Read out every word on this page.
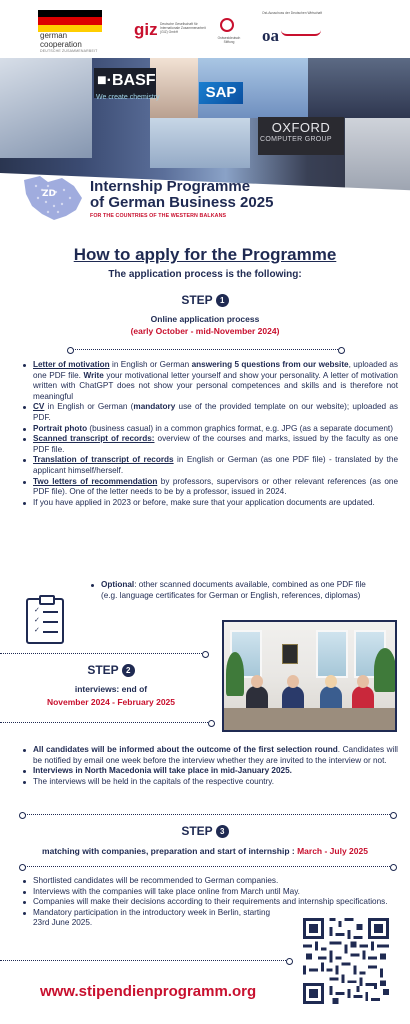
german
cooperation
DEUTSCHE ZUSAMMENARBEIT
giz Deutsche Gesellschaft für Internationale Zusammenarbeit (GIZ) GmbH
Ostwestdeutsch Stiftung
Ost-Ausschuss der Deutschen Wirtschaft
oa
■·BASF
We create chemistry	SAP
OXFORD
COMPUTER GROUP
ZD Internship Programme
of German Business 2025
FOR THE COUNTRIES OF THE WESTERN BALKANS
How to apply for the Programme
The application process is the following:
STEP 1
Online application process
(early October - mid-November 2024)
Letter of motivation in English or German answering 5 questions from our website, uploaded as one PDF file. Write your motivational letter yourself and show your personality. A letter of motivation written with ChatGPT does not show your personal competences and skills and is therefore not meaningful
CV in English or German (mandatory use of the provided template on our website); uploaded as PDF.
Portrait photo (business casual) in a common graphics format, e.g. JPG (as a separate document)
Scanned transcript of records: overview of the courses and marks, issued by the faculty as one PDF file.
Translation of transcript of records in English or German (as one PDF file) - translated by the applicant himself/herself.
Two letters of recommendation by professors, supervisors or other relevant references (as one PDF file). One of the letter needs to be by a professor, issued in 2024.
If you have applied in 2023 or before, make sure that your application documents are updated.
Optional: other scanned documents available, combined as one PDF file (e.g. language certificates for German or English, references, diplomas)
✓
✓
✓
STEP 2
interviews: end of
November 2024 - February 2025
All candidates will be informed about the outcome of the first selection round. Candidates will be notified by email one week before the interview whether they are invited to the interview or not.
Interviews in North Macedonia will take place in mid-January 2025.
The interviews will be held in the capitals of the respective country.
STEP 3
matching with companies, preparation and start of internship : March - July 2025
Shortlisted candidates will be recommended to German companies.
Interviews with the companies will take place online from March until May.
Companies will make their decisions according to their requirements and internship specifications.
Mandatory participation in the introductory week in Berlin, starting 23rd June 2025.
www.stipendienprogramm.org
